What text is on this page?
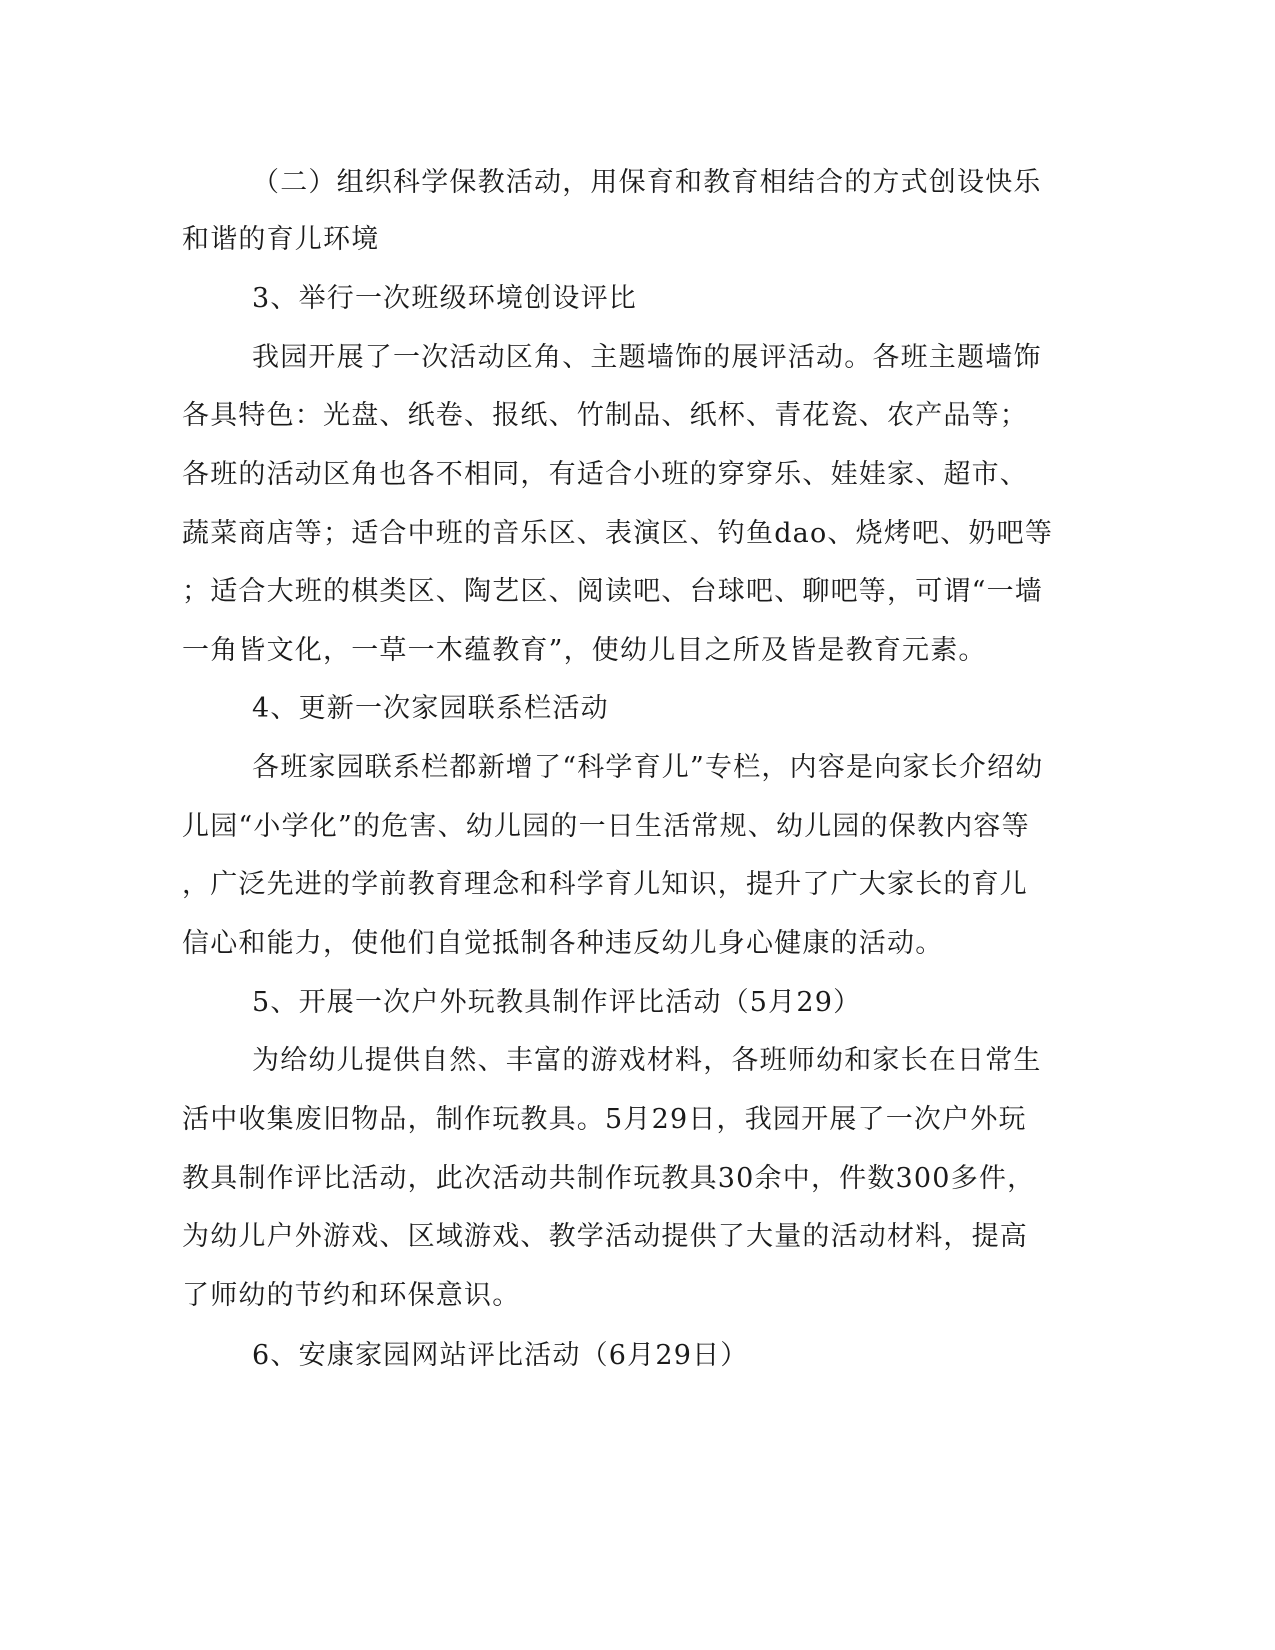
（二）组织科学保教活动，用保育和教育相结合的方式创设快乐
和谐的育儿环境
3、举行一次班级环境创设评比
我园开展了一次活动区角、主题墙饰的展评活动。各班主题墙饰
各具特色：光盘、纸卷、报纸、竹制品、纸杯、青花瓷、农产品等；
各班的活动区角也各不相同，有适合小班的穿穿乐、娃娃家、超市、
蔬菜商店等；适合中班的音乐区、表演区、钓鱼dao、烧烤吧、奶吧等
；适合大班的棋类区、陶艺区、阅读吧、台球吧、聊吧等，可谓“一墙
一角皆文化，一草一木蕴教育”，使幼儿目之所及皆是教育元素。
4、更新一次家园联系栏活动
各班家园联系栏都新增了“科学育儿”专栏，内容是向家长介绍幼
儿园“小学化”的危害、幼儿园的一日生活常规、幼儿园的保教内容等
，广泛先进的学前教育理念和科学育儿知识，提升了广大家长的育儿
信心和能力，使他们自觉抵制各种违反幼儿身心健康的活动。
5、开展一次户外玩教具制作评比活动（5月29）
为给幼儿提供自然、丰富的游戏材料，各班师幼和家长在日常生
活中收集废旧物品，制作玩教具。5月29日，我园开展了一次户外玩
教具制作评比活动，此次活动共制作玩教具30余中，件数300多件，
为幼儿户外游戏、区域游戏、教学活动提供了大量的活动材料，提高
了师幼的节约和环保意识。
6、安康家园网站评比活动（6月29日）
